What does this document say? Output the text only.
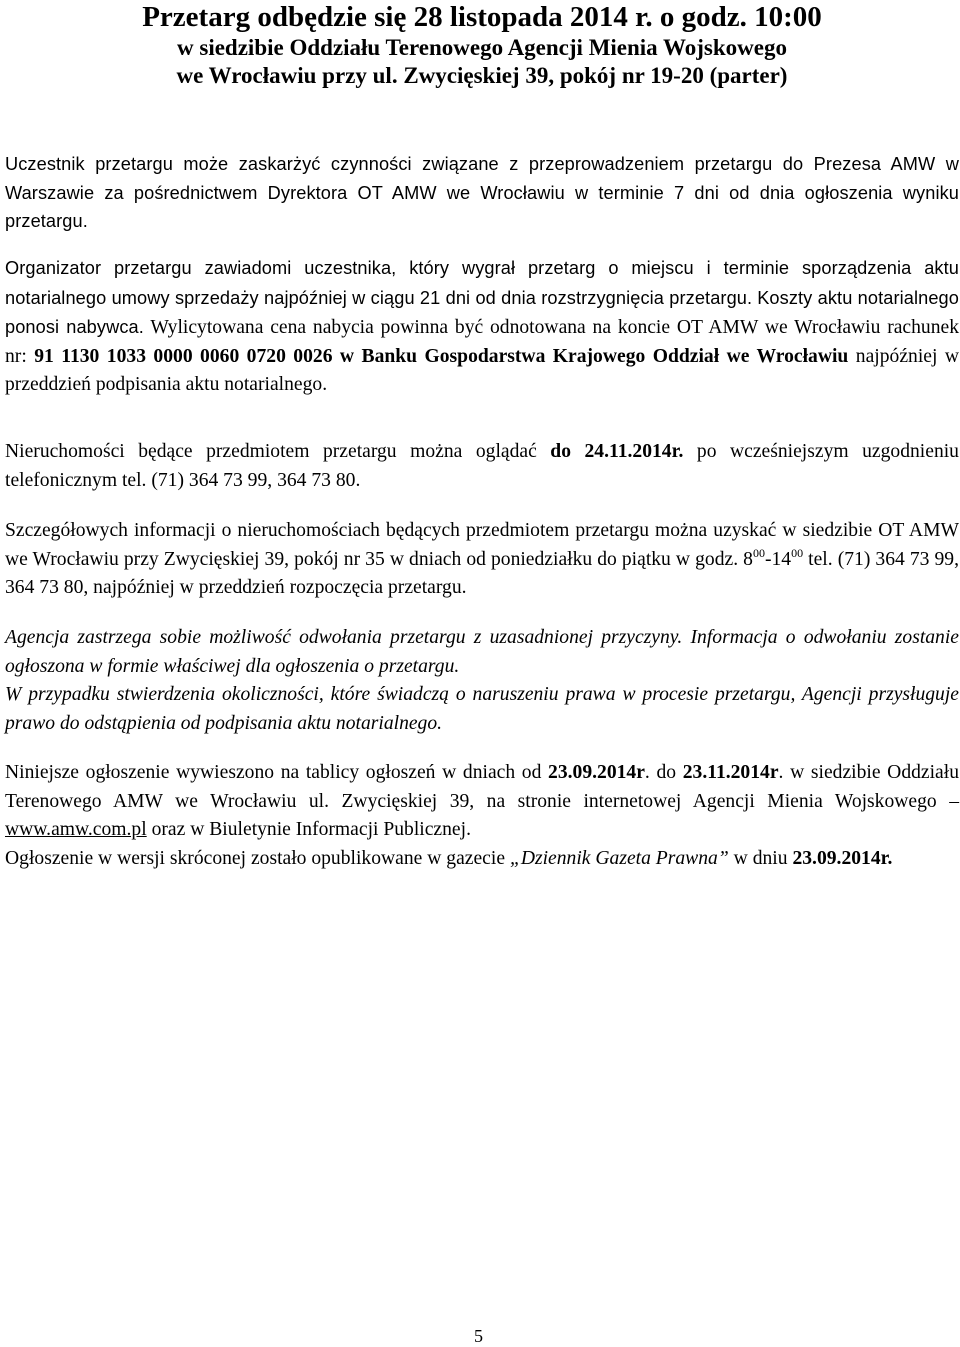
Przetarg odbędzie się 28 listopada 2014 r. o godz. 10:00
w siedzibie Oddziału Terenowego Agencji Mienia Wojskowego
we Wrocławiu przy ul. Zwycięskiej 39, pokój nr 19-20 (parter)

Uczestnik przetargu może zaskarżyć czynności związane z przeprowadzeniem przetargu do Prezesa AMW w Warszawie za pośrednictwem Dyrektora OT AMW we Wrocławiu w terminie 7 dni od dnia ogłoszenia wyniku przetargu.

Organizator przetargu zawiadomi uczestnika, który wygrał przetarg o miejscu i terminie sporządzenia aktu notarialnego umowy sprzedaży najpóźniej w ciągu 21 dni od dnia rozstrzygnięcia przetargu. Koszty aktu notarialnego ponosi nabywca. Wylicytowana cena nabycia powinna być odnotowana na koncie OT AMW we Wrocławiu rachunek nr: 91 1130 1033 0000 0060 0720 0026 w Banku Gospodarstwa Krajowego Oddział we Wrocławiu najpóźniej w przeddzień podpisania aktu notarialnego.

Nieruchomości będące przedmiotem przetargu można oglądać do 24.11.2014r. po wcześniejszym uzgodnieniu telefonicznym tel. (71) 364 73 99, 364 73 80.

Szczegółowych informacji o nieruchomościach będących przedmiotem przetargu można uzyskać w siedzibie OT AMW we Wrocławiu przy Zwycięskiej 39, pokój nr 35 w dniach od poniedziałku do piątku w godz. $8^{00}-14^{00}$ tel. (71) 364 73 99, 364 73 80, najpóźniej w przeddzień rozpoczęcia przetargu.

Agencja zastrzega sobie możliwość odwołania przetargu z uzasadnionej przyczyny. Informacja o odwołaniu zostanie ogłoszona w formie właściwej dla ogłoszenia o przetargu.

W przypadku stwierdzenia okoliczności, które świadczą o naruszeniu prawa w procesie przetargu, Agencji przysługuje prawo do odstąpienia od podpisania aktu notarialnego.

Niniejsze ogłoszenie wywieszono na tablicy ogłoszeń w dniach od 23.09.2014r. do 23.11.2014r. w siedzibie Oddziału Terenowego AMW we Wrocławiu ul. Zwycięskiej 39, na stronie internetowej Agencji Mienia Wojskowego – www.amw.com.pl oraz w Biuletynie Informacji Publicznej.

Ogłoszenie w wersji skróconej zostało opublikowane w gazecie „Dziennik Gazeta Prawna” w dniu 23.09.2014r.

5
